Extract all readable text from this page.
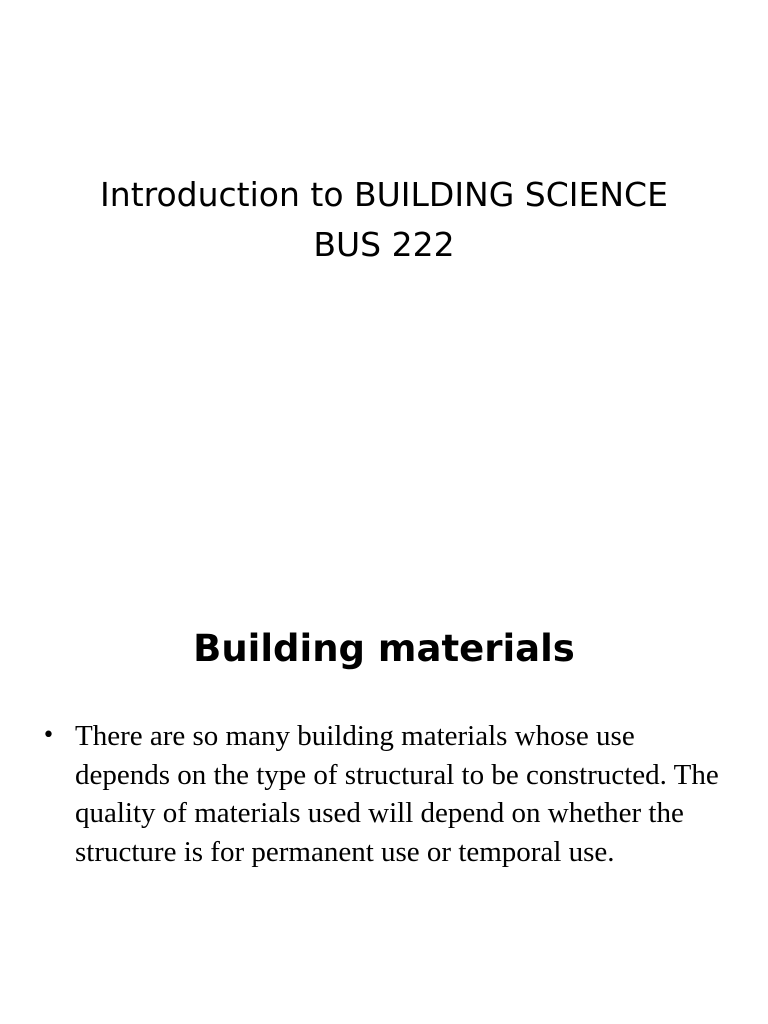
Introduction to BUILDING SCIENCE
BUS 222
Building materials
• There are so many building materials whose use depends on the type of structural to be constructed. The quality of materials used will depend on whether the structure is for permanent use or temporal use.
